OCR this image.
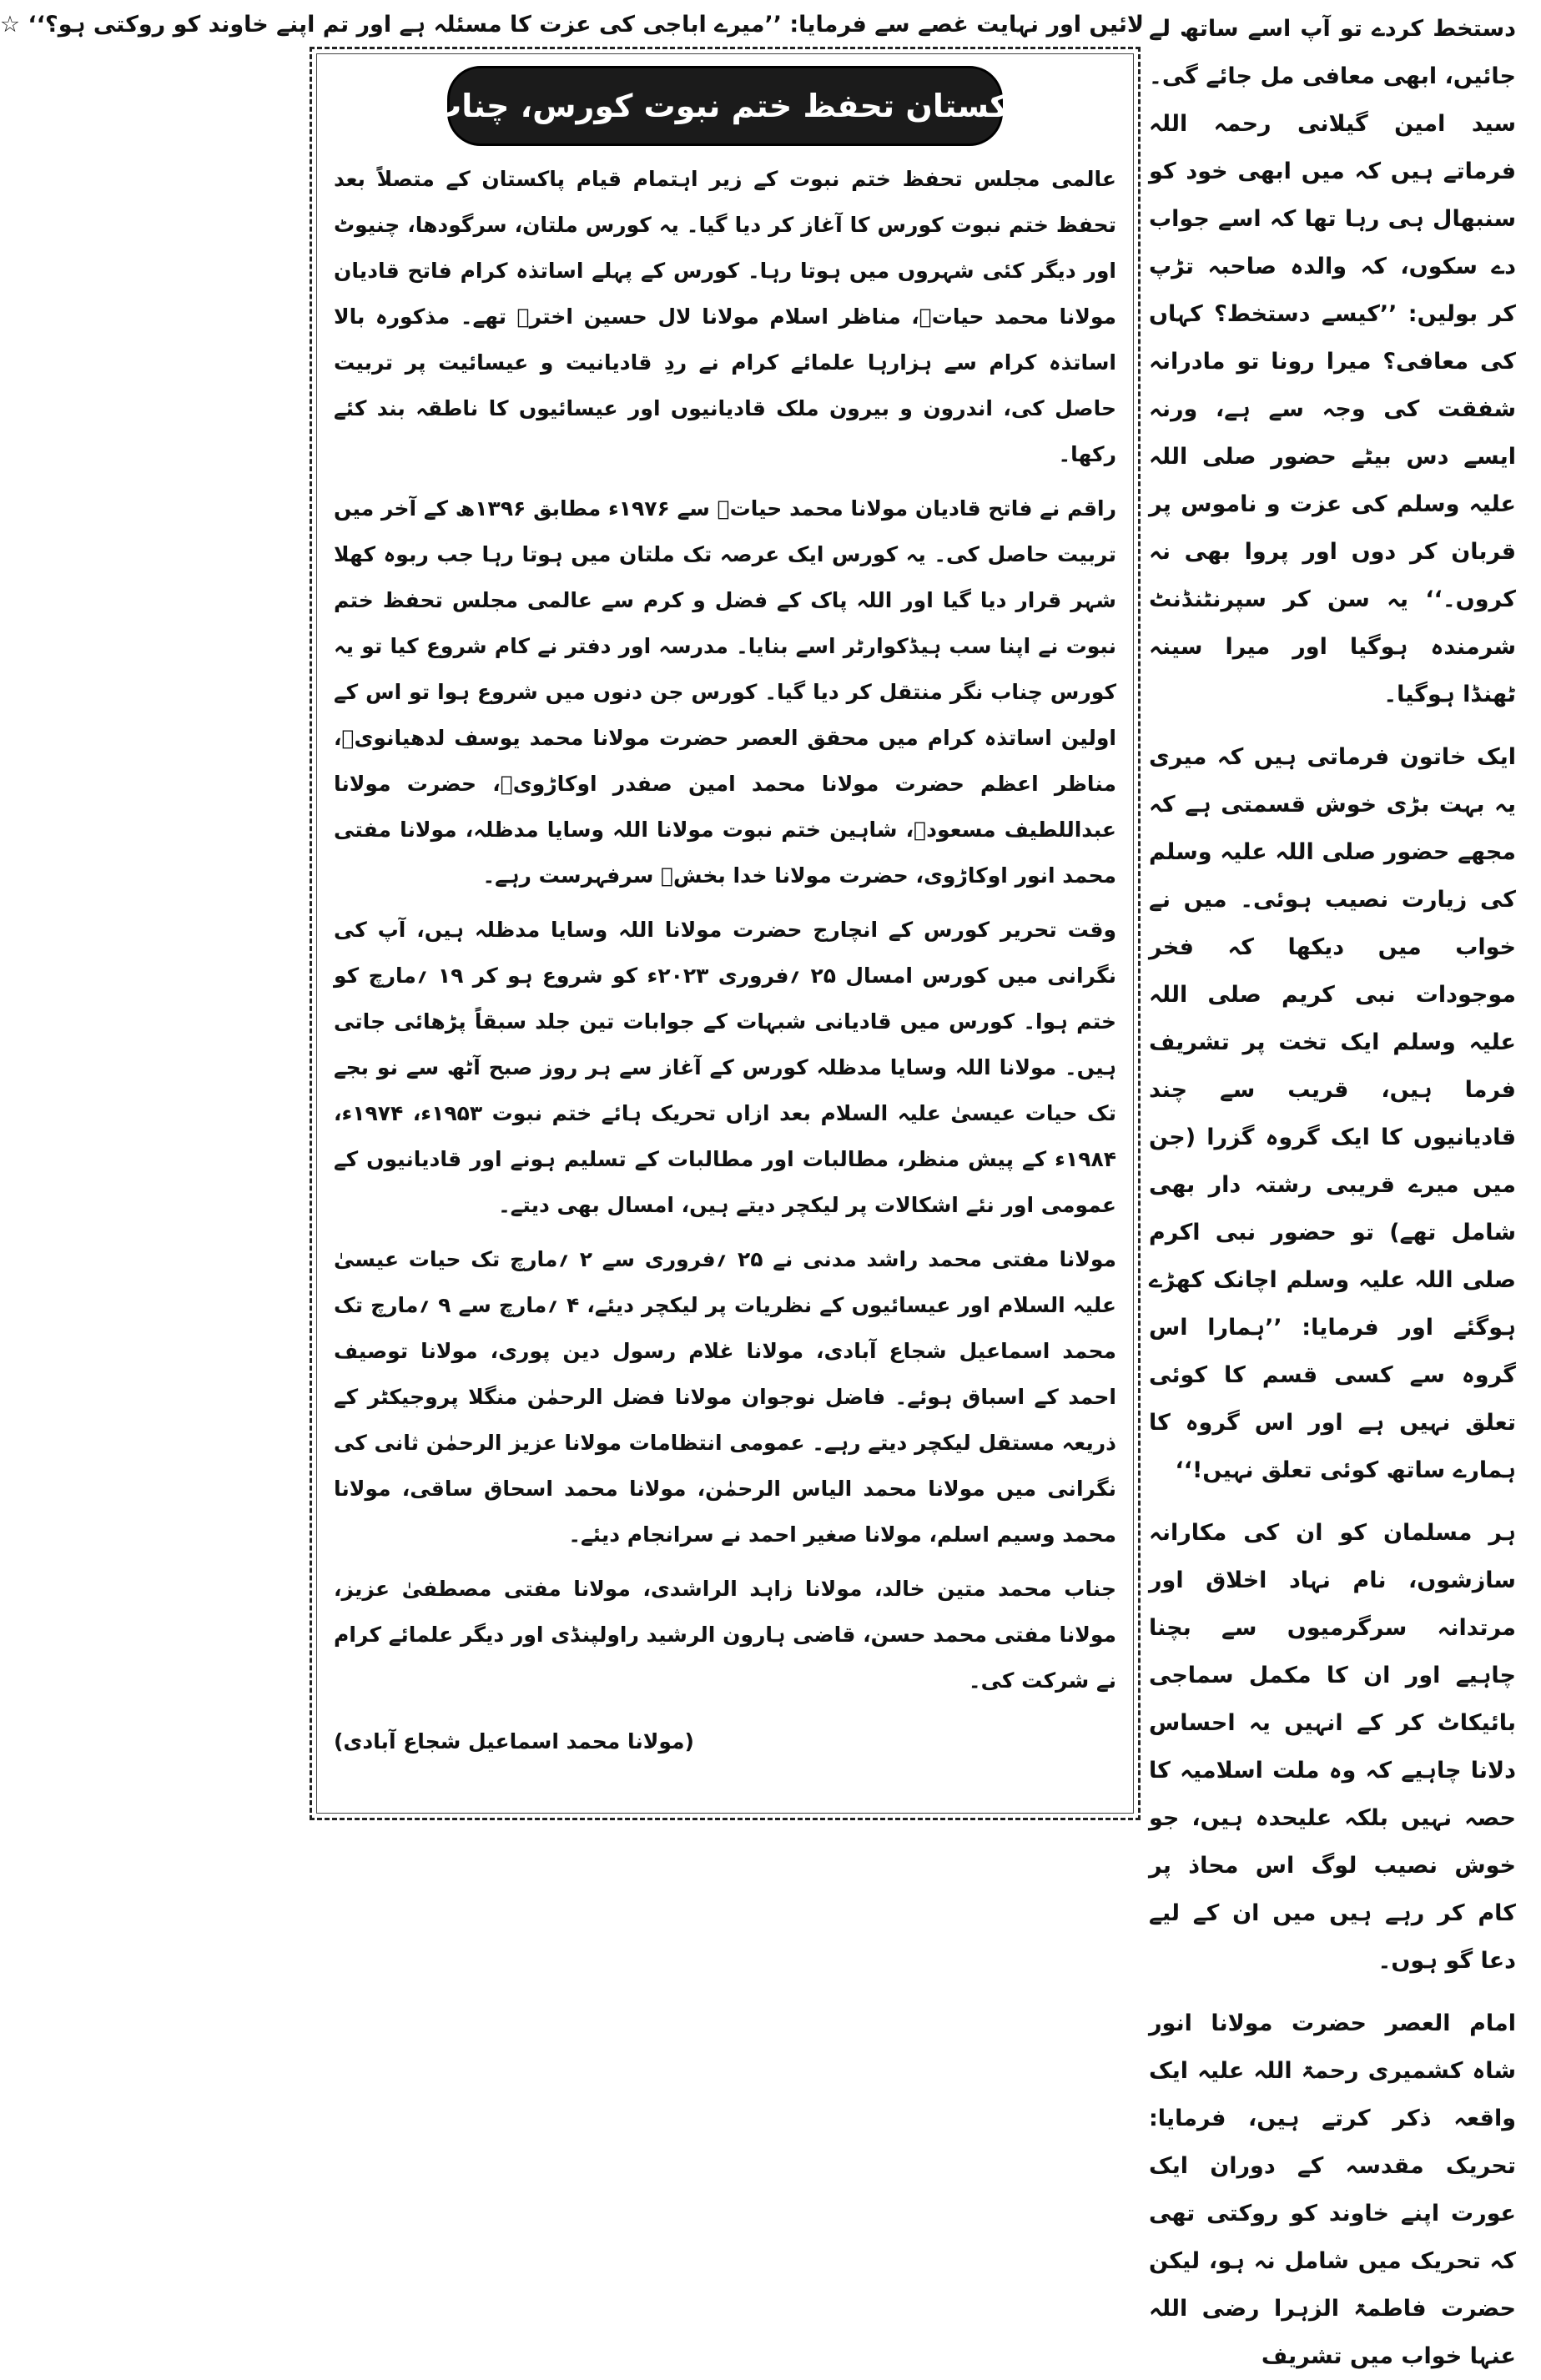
لائیں اور نہایت غصے سے فرمایا: ’’میرے اباجی کی عزت کا مسئلہ ہے اور تم اپنے خاوند کو روکتی ہو؟‘‘ ☆ دستخط کردے تو آپ اسے ساتھ لے جائیں، ابھی معافی مل جائے گی۔ سید امین گیلانی رحمہ اللہ فرماتے ہیں کہ میں ابھی خود کو سنبھال ہی رہا تھا کہ اسے جواب دے سکوں، کہ والدہ صاحبہ تڑپ کر بولیں: ’’کیسے دستخط؟ کہاں کی معافی؟ میرا رونا تو مادرانہ شفقت کی وجہ سے ہے، ورنہ ایسے دس بیٹے حضور صلی اللہ علیہ وسلم کی عزت و ناموس پر قربان کر دوں اور پروا بھی نہ کروں۔‘‘ یہ سن کر سپرنٹنڈنٹ شرمندہ ہوگیا اور میرا سینہ ٹھنڈا ہوگیا۔

ایک خاتون فرماتی ہیں کہ میری یہ بہت بڑی خوش قسمتی ہے کہ مجھے حضور صلی اللہ علیہ وسلم کی زیارت نصیب ہوئی۔ میں نے خواب میں دیکھا کہ فخر موجودات نبی کریم صلی اللہ علیہ وسلم ایک تخت پر تشریف فرما ہیں، قریب سے چند قادیانیوں کا ایک گروہ گزرا (جن میں میرے قریبی رشتہ دار بھی شامل تھے) تو حضور نبی اکرم صلی اللہ علیہ وسلم اچانک کھڑے ہوگئے اور فرمایا: ’’ہمارا اس گروہ سے کسی قسم کا کوئی تعلق نہیں ہے اور اس گروہ کا ہمارے ساتھ کوئی تعلق نہیں!‘‘

ہر مسلمان کو ان کی مکارانہ سازشوں، نام نہاد اخلاق اور مرتدانہ سرگرمیوں سے بچنا چاہیے اور ان کا مکمل سماجی بائیکاٹ کر کے انہیں یہ احساس دلانا چاہیے کہ وہ ملت اسلامیہ کا حصہ نہیں بلکہ علیحدہ ہیں، جو خوش نصیب لوگ اس محاذ پر کام کر رہے ہیں میں ان کے لیے دعا گو ہوں۔

امام العصر حضرت مولانا انور شاہ کشمیری رحمۃ اللہ علیہ ایک واقعہ ذکر کرتے ہیں، فرمایا: تحریک مقدسہ کے دوران ایک عورت اپنے خاوند کو روکتی تھی کہ تحریک میں شامل نہ ہو، لیکن حضرت فاطمۃ الزہرا رضی اللہ عنہا خواب میں تشریف

آل پاکستان تحفظ ختم نبوت کورس، چناب نگر

عالمی مجلس تحفظ ختم نبوت کے زیر اہتمام قیام پاکستان کے متصلاً بعد تحفظ ختم نبوت کورس کا آغاز کر دیا گیا۔ یہ کورس ملتان، سرگودھا، چنیوٹ اور دیگر کئی شہروں میں ہوتا رہا۔ کورس کے پہلے اساتذہ کرام فاتح قادیان مولانا محمد حیاتؒ، مناظر اسلام مولانا لال حسین اخترؒ تھے۔ مذکورہ بالا اساتذہ کرام سے ہزارہا علمائے کرام نے ردِ قادیانیت و عیسائیت پر تربیت حاصل کی، اندرون و بیرون ملک قادیانیوں اور عیسائیوں کا ناطقہ بند کئے رکھا۔

راقم نے فاتح قادیان مولانا محمد حیاتؒ سے ۱۹۷۶ء مطابق ۱۳۹۶ھ کے آخر میں تربیت حاصل کی۔ یہ کورس ایک عرصہ تک ملتان میں ہوتا رہا جب ربوہ کھلا شہر قرار دیا گیا اور اللہ پاک کے فضل و کرم سے عالمی مجلس تحفظ ختم نبوت نے اپنا سب ہیڈکوارٹر اسے بنایا۔ مدرسہ اور دفتر نے کام شروع کیا تو یہ کورس چناب نگر منتقل کر دیا گیا۔ کورس جن دنوں میں شروع ہوا تو اس کے اولین اساتذہ کرام میں محقق العصر حضرت مولانا محمد یوسف لدھیانویؒ، مناظر اعظم حضرت مولانا محمد امین صفدر اوکاڑویؒ، حضرت مولانا عبداللطیف مسعودؒ، شاہین ختم نبوت مولانا اللہ وسایا مدظلہ، مولانا مفتی محمد انور اوکاڑوی، حضرت مولانا خدا بخشؒ سرفہرست رہے۔

وقت تحریر کورس کے انچارج حضرت مولانا اللہ وسایا مدظلہ ہیں، آپ کی نگرانی میں کورس امسال ۲۵ ؍فروری ۲۰۲۳ء کو شروع ہو کر ۱۹ ؍مارچ کو ختم ہوا۔ کورس میں قادیانی شبہات کے جوابات تین جلد سبقاً پڑھائی جاتی ہیں۔ مولانا اللہ وسایا مدظلہ کورس کے آغاز سے ہر روز صبح آٹھ سے نو بجے تک حیات عیسیٰ علیہ السلام بعد ازاں تحریک ہائے ختم نبوت ۱۹۵۳ء، ۱۹۷۴ء، ۱۹۸۴ء کے پیش منظر، مطالبات اور مطالبات کے تسلیم ہونے اور قادیانیوں کے عمومی اور نئے اشکالات پر لیکچر دیتے ہیں، امسال بھی دیتے۔

مولانا مفتی محمد راشد مدنی نے ۲۵ ؍فروری سے ۲ ؍مارچ تک حیات عیسیٰ علیہ السلام اور عیسائیوں کے نظریات پر لیکچر دیئے، ۴ ؍مارچ سے ۹ ؍مارچ تک محمد اسماعیل شجاع آبادی، مولانا غلام رسول دین پوری، مولانا توصیف احمد کے اسباق ہوئے۔ فاضل نوجوان مولانا فضل الرحمٰن منگلا پروجیکٹر کے ذریعہ مستقل لیکچر دیتے رہے۔ عمومی انتظامات مولانا عزیز الرحمٰن ثانی کی نگرانی میں مولانا محمد الیاس الرحمٰن، مولانا محمد اسحاق ساقی، مولانا محمد وسیم اسلم، مولانا صغیر احمد نے سرانجام دیئے۔

جناب محمد متین خالد، مولانا زاہد الراشدی، مولانا مفتی مصطفیٰ عزیز، مولانا مفتی محمد حسن، قاضی ہارون الرشید راولپنڈی اور دیگر علمائے کرام نے شرکت کی۔

(مولانا محمد اسماعیل شجاع آبادی)
